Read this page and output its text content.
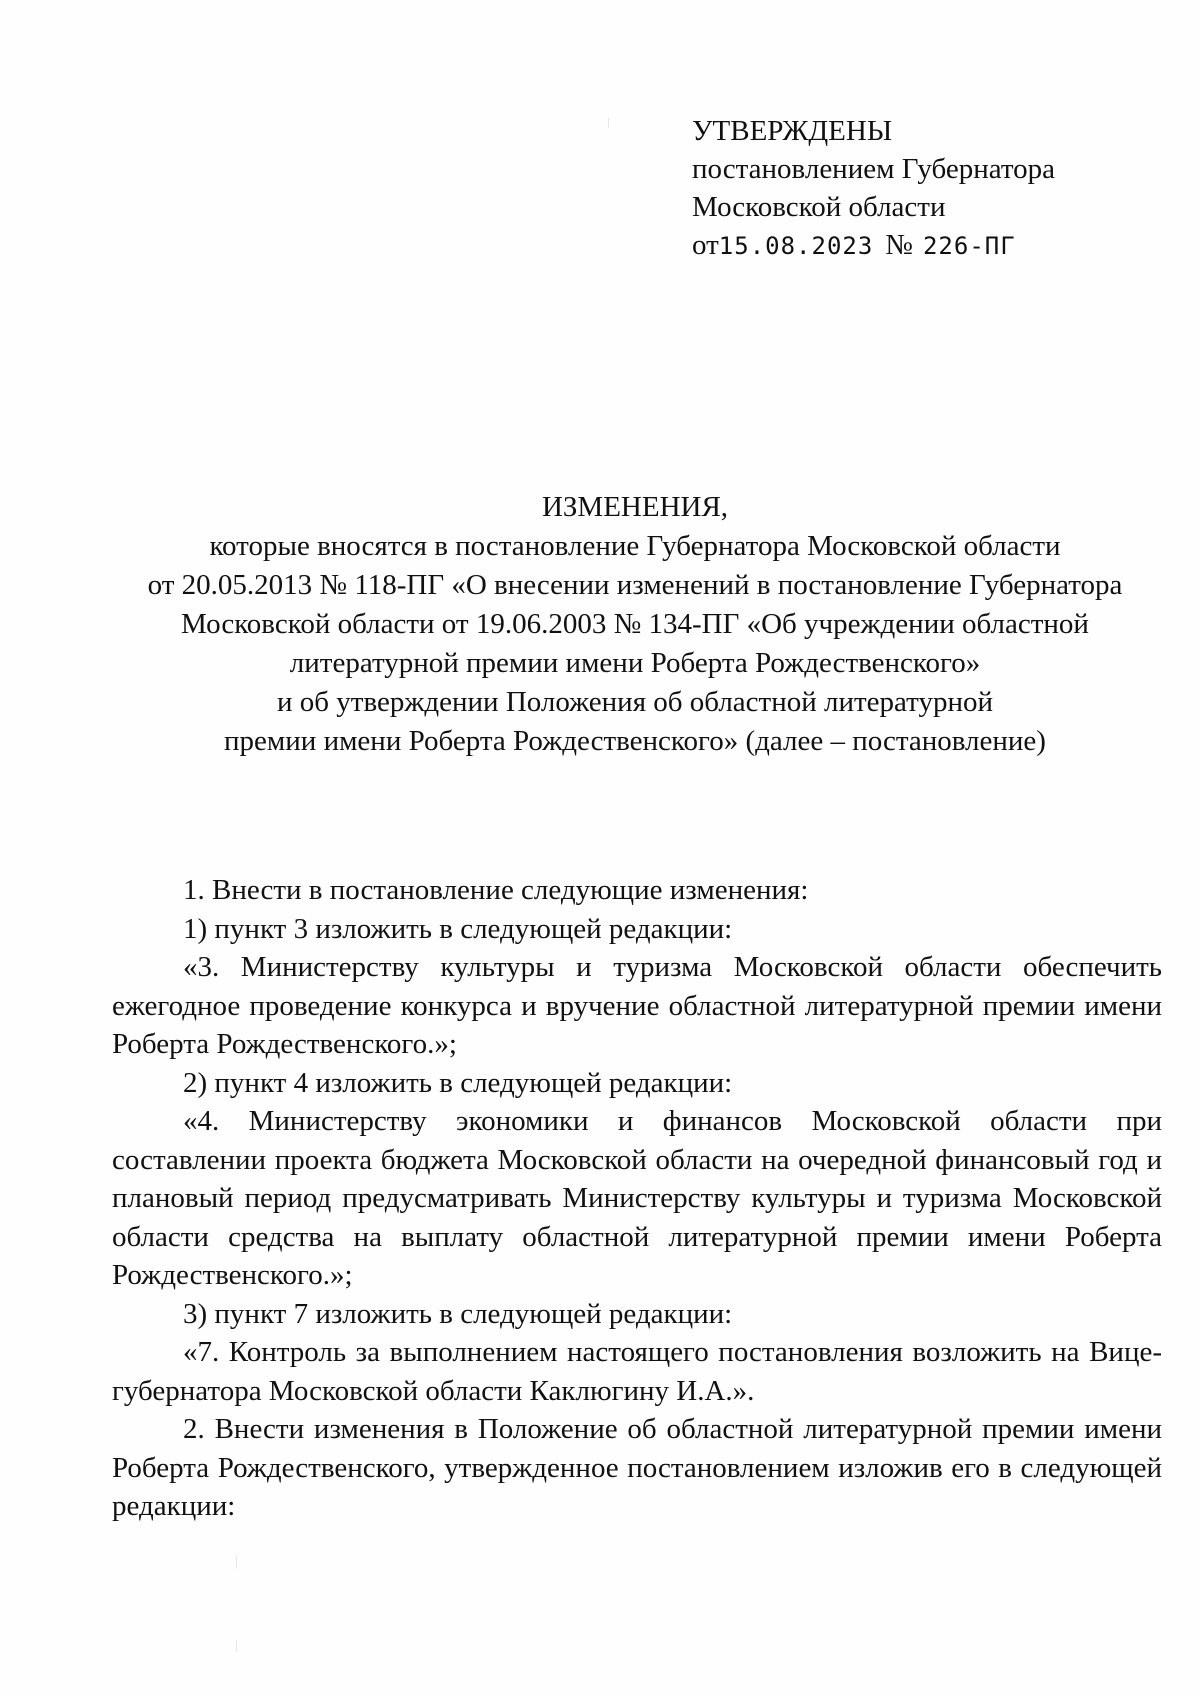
УТВЕРЖДЕНЫ
постановлением Губернатора
Московской области
от15.08.2023 № 226-ПГ
ИЗМЕНЕНИЯ,
которые вносятся в постановление Губернатора Московской области
от 20.05.2013 № 118-ПГ «О внесении изменений в постановление Губернатора
Московской области от 19.06.2003 № 134-ПГ «Об учреждении областной
литературной премии имени Роберта Рождественского»
и об утверждении Положения об областной литературной
премии имени Роберта Рождественского» (далее – постановление)

1. Внести в постановление следующие изменения:

1) пункт 3 изложить в следующей редакции:

«3. Министерству культуры и туризма Московской области обеспечить ежегодное проведение конкурса и вручение областной литературной премии имени Роберта Рождественского.»;

2) пункт 4 изложить в следующей редакции:

«4. Министерству экономики и финансов Московской области при составлении проекта бюджета Московской области на очередной финансовый год и плановый период предусматривать Министерству культуры и туризма Московской области средства на выплату областной литературной премии имени Роберта Рождественского.»;

3) пункт 7 изложить в следующей редакции:

«7. Контроль за выполнением настоящего постановления возложить на Вице-губернатора Московской области Каклюгину И.А.».

2. Внести изменения в Положение об областной литературной премии имени Роберта Рождественского, утвержденное постановлением изложив его в следующей редакции:
